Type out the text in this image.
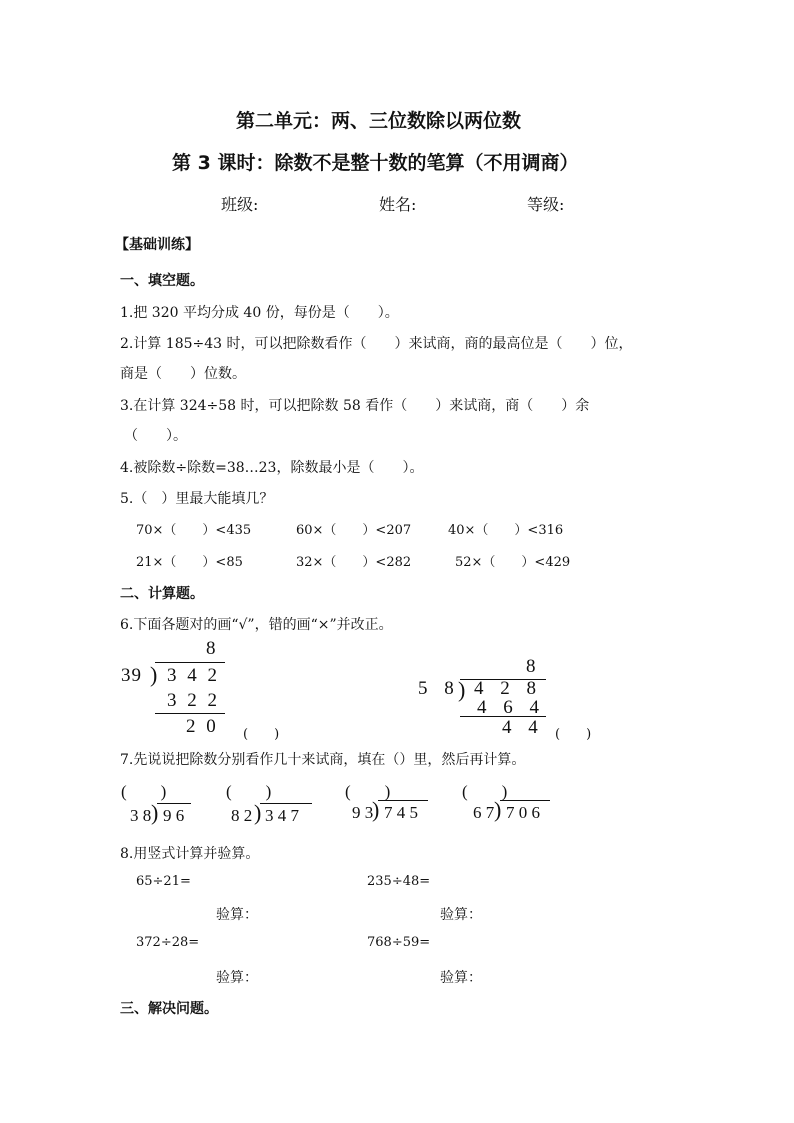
第二单元：两、三位数除以两位数
第 3 课时：除数不是整十数的笔算（不用调商）
班级:	姓名:	等级:
【基础训练】
一、填空题。
1.把 320 平均分成 40 份，每份是（　　）。
2.计算 185÷43 时，可以把除数看作（　　）来试商，商的最高位是（　　）位，
商是（　　）位数。
3.在计算 324÷58 时，可以把除数 58 看作（　　）来试商，商（　　）余
（　　）。
4.被除数÷除数=38…23，除数最小是（　　）。
5.（　）里最大能填几？
70×（　　）<435	60×（　　）<207	40×（　　）<316
21×（　　）<85	32×（　　）<282	52×（　　）<429
二、计算题。
6.下面各题对的画“√”，错的画“×”并改正。
8
39 ) 3 4 2
3 2 2
2 0 (　　)
8
5 8
) 4 2 8
4 6 4
4 4 (　　)
7.先说说把除数分别看作几十来试商，填在（）里，然后再计算。
(　　)
3 8 ) 9 6
(　　)
8 2 ) 3 4 7
(　　)
9 3
) 7 4 5
(　　)
6 7 ) 7 0 6
8.用竖式计算并验算。
65÷21=	235÷48=
验算：	验算：
372÷28=	768÷59=
验算：	验算：
三、解决问题。
